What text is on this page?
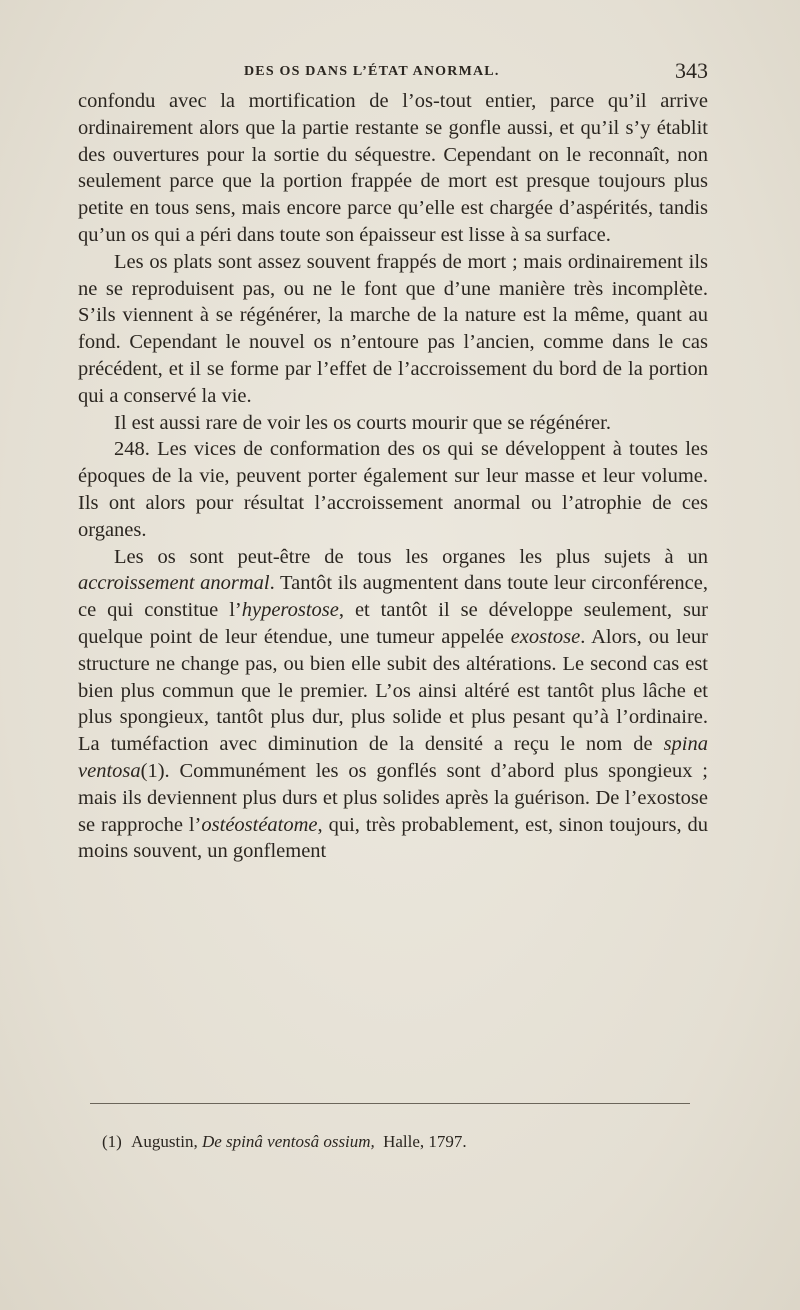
DES OS DANS L’ÉTAT ANORMAL.	343

confondu avec la mortification de l’os-tout entier, parce qu’il arrive ordinairement alors que la partie restante se gonfle aussi, et qu’il s’y établit des ouvertures pour la sortie du séquestre. Cependant on le reconnaît, non seulement parce que la portion frappée de mort est presque toujours plus petite en tous sens, mais encore parce qu’elle est chargée d’aspérités, tandis qu’un os qui a péri dans toute son épaisseur est lisse à sa surface.

Les os plats sont assez souvent frappés de mort ; mais ordinairement ils ne se reproduisent pas, ou ne le font que d’une manière très incomplète. S’ils viennent à se régénérer, la marche de la nature est la même, quant au fond. Cependant le nouvel os n’entoure pas l’ancien, comme dans le cas précédent, et il se forme par l’effet de l’accroissement du bord de la portion qui a conservé la vie.

Il est aussi rare de voir les os courts mourir que se régénérer.

248. Les vices de conformation des os qui se développent à toutes les époques de la vie, peuvent porter également sur leur masse et leur volume. Ils ont alors pour résultat l’accroissement anormal ou l’atrophie de ces organes.

Les os sont peut-être de tous les organes les plus sujets à un accroissement anormal. Tantôt ils augmentent dans toute leur circonférence, ce qui constitue l’hyperostose, et tantôt il se développe seulement, sur quelque point de leur étendue, une tumeur appelée exostose. Alors, ou leur structure ne change pas, ou bien elle subit des altérations. Le second cas est bien plus commun que le premier. L’os ainsi altéré est tantôt plus lâche et plus spongieux, tantôt plus dur, plus solide et plus pesant qu’à l’ordinaire. La tuméfaction avec diminution de la densité a reçu le nom de spina ventosa(1). Communément les os gonflés sont d’abord plus spongieux ; mais ils deviennent plus durs et plus solides après la guérison. De l’exostose se rapproche l’ostéostéatome, qui, très probablement, est, sinon toujours, du moins souvent, un gonflement

(1) Augustin, De spinâ ventosâ ossium, Halle, 1797.
